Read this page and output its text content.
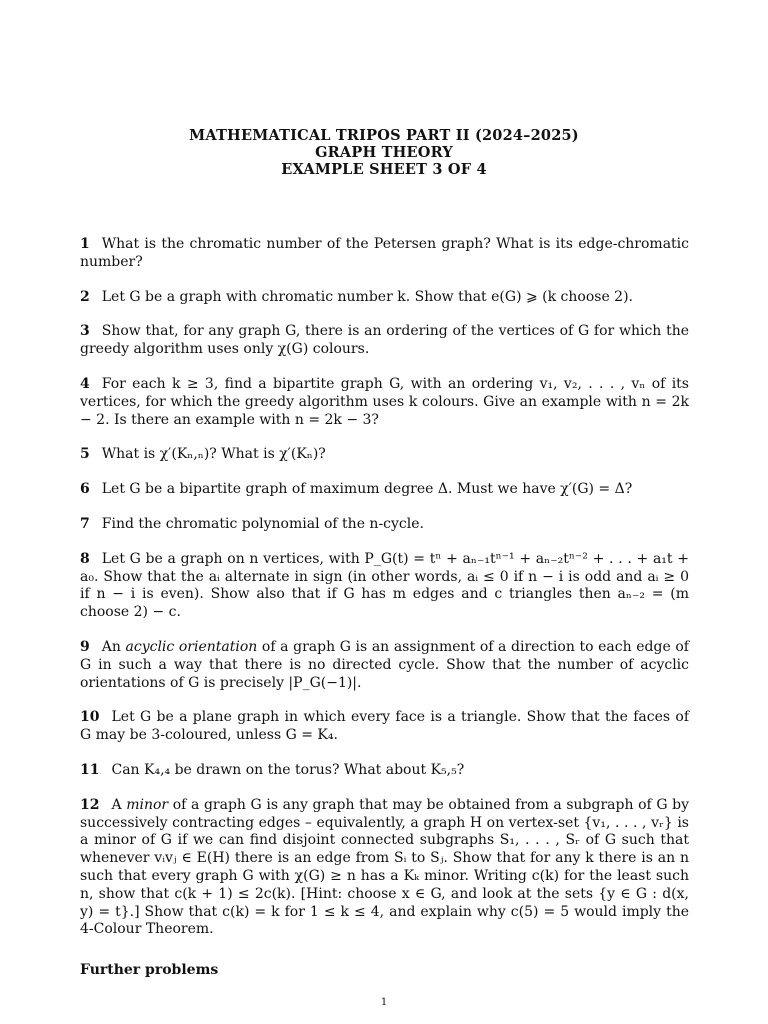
MATHEMATICAL TRIPOS PART II (2024–2025)
GRAPH THEORY
EXAMPLE SHEET 3 OF 4
1 What is the chromatic number of the Petersen graph? What is its edge-chromatic number?
2 Let G be a graph with chromatic number k. Show that e(G) ⩾ (k choose 2).
3 Show that, for any graph G, there is an ordering of the vertices of G for which the greedy algorithm uses only χ(G) colours.
4 For each k ≥ 3, find a bipartite graph G, with an ordering v₁, v₂, . . . , vₙ of its vertices, for which the greedy algorithm uses k colours. Give an example with n = 2k − 2. Is there an example with n = 2k − 3?
5 What is χ′(Kₙ,ₙ)? What is χ′(Kₙ)?
6 Let G be a bipartite graph of maximum degree Δ. Must we have χ′(G) = Δ?
7 Find the chromatic polynomial of the n-cycle.
8 Let G be a graph on n vertices, with P_G(t) = tⁿ + aₙ₋₁tⁿ⁻¹ + aₙ₋₂tⁿ⁻² + . . . + a₁t + a₀. Show that the aᵢ alternate in sign (in other words, aᵢ ≤ 0 if n − i is odd and aᵢ ≥ 0 if n − i is even). Show also that if G has m edges and c triangles then aₙ₋₂ = (m choose 2) − c.
9 An acyclic orientation of a graph G is an assignment of a direction to each edge of G in such a way that there is no directed cycle. Show that the number of acyclic orientations of G is precisely |P_G(−1)|.
10 Let G be a plane graph in which every face is a triangle. Show that the faces of G may be 3-coloured, unless G = K₄.
11 Can K₄,₄ be drawn on the torus? What about K₅,₅?
12 A minor of a graph G is any graph that may be obtained from a subgraph of G by successively contracting edges – equivalently, a graph H on vertex-set {v₁, . . . , vᵣ} is a minor of G if we can find disjoint connected subgraphs S₁, . . . , Sᵣ of G such that whenever vᵢvⱼ ∈ E(H) there is an edge from Sᵢ to Sⱼ. Show that for any k there is an n such that every graph G with χ(G) ≥ n has a Kₖ minor. Writing c(k) for the least such n, show that c(k + 1) ≤ 2c(k). [Hint: choose x ∈ G, and look at the sets {y ∈ G : d(x, y) = t}.] Show that c(k) = k for 1 ≤ k ≤ 4, and explain why c(5) = 5 would imply the 4-Colour Theorem.
Further problems
1
